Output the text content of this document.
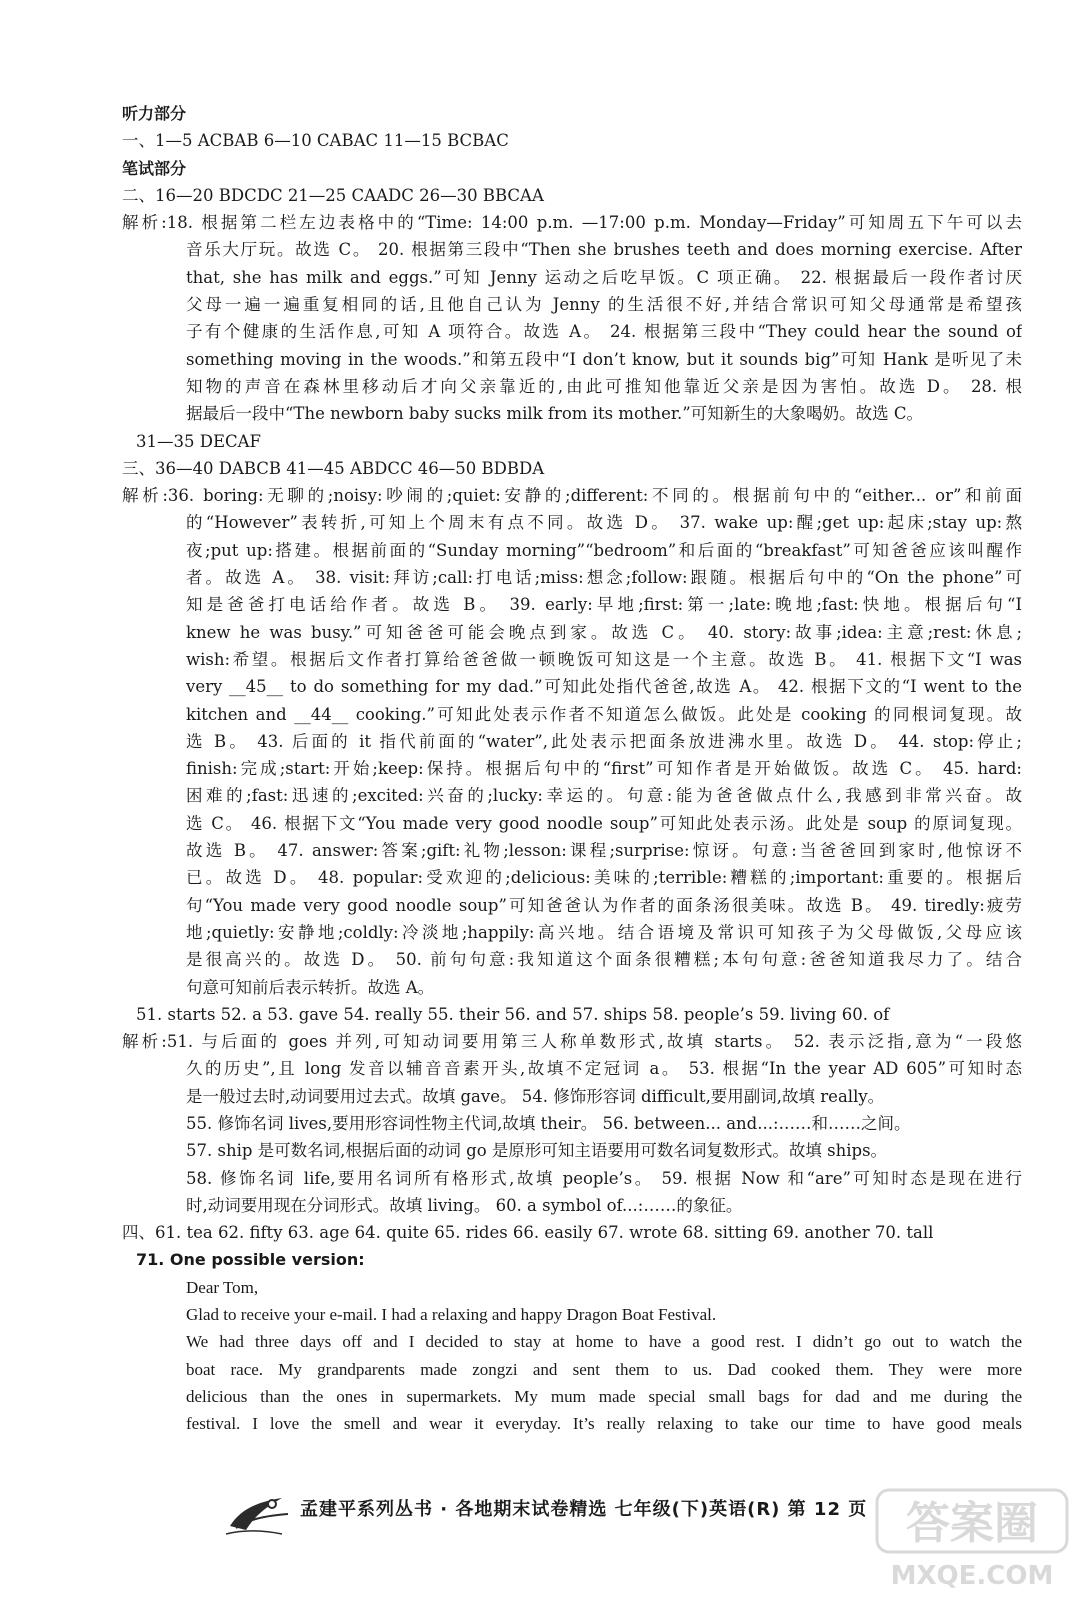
听力部分
一、1—5 ACBAB 6—10 CABAC 11—15 BCBAC
笔试部分
二、16—20 BDCDC 21—25 CAADC 26—30 BBCAA
解析:18. 根据第二栏左边表格中的“Time: 14:00 p.m. —17:00 p.m. Monday—Friday”可知周五下午可以去
音乐大厅玩。故选 C。 20. 根据第三段中“Then she brushes teeth and does morning exercise. After
that, she has milk and eggs.”可知 Jenny 运动之后吃早饭。C 项正确。 22. 根据最后一段作者讨厌
父母一遍一遍重复相同的话,且他自己认为 Jenny 的生活很不好,并结合常识可知父母通常是希望孩
子有个健康的生活作息,可知 A 项符合。故选 A。 24. 根据第三段中“They could hear the sound of
something moving in the woods.”和第五段中“I don’t know, but it sounds big”可知 Hank 是听见了未
知物的声音在森林里移动后才向父亲靠近的,由此可推知他靠近父亲是因为害怕。故选 D。 28. 根
据最后一段中“The newborn baby sucks milk from its mother.”可知新生的大象喝奶。故选 C。
31—35 DECAF
三、36—40 DABCB 41—45 ABDCC 46—50 BDBDA
解析:36. boring:无聊的;noisy:吵闹的;quiet:安静的;different:不同的。根据前句中的“either... or”和前面
的“However”表转折,可知上个周末有点不同。故选 D。 37. wake up:醒;get up:起床;stay up:熬
夜;put up:搭建。根据前面的“Sunday morning”“bedroom”和后面的“breakfast”可知爸爸应该叫醒作
者。故选 A。 38. visit:拜访;call:打电话;miss:想念;follow:跟随。根据后句中的“On the phone”可
知是爸爸打电话给作者。故选 B。 39. early:早地;first:第一;late:晚地;fast:快地。根据后句“I
knew he was busy.”可知爸爸可能会晚点到家。故选 C。 40. story:故事;idea:主意;rest:休息;
wish:希望。根据后文作者打算给爸爸做一顿晚饭可知这是一个主意。故选 B。 41. 根据下文“I was
very __45__ to do something for my dad.”可知此处指代爸爸,故选 A。 42. 根据下文的“I went to the
kitchen and __44__ cooking.”可知此处表示作者不知道怎么做饭。此处是 cooking 的同根词复现。故
选 B。 43. 后面的 it 指代前面的“water”,此处表示把面条放进沸水里。故选 D。 44. stop:停止;
finish:完成;start:开始;keep:保持。根据后句中的“first”可知作者是开始做饭。故选 C。 45. hard:
困难的;fast:迅速的;excited:兴奋的;lucky:幸运的。句意:能为爸爸做点什么,我感到非常兴奋。故
选 C。 46. 根据下文“You made very good noodle soup”可知此处表示汤。此处是 soup 的原词复现。
故选 B。 47. answer:答案;gift:礼物;lesson:课程;surprise:惊讶。句意:当爸爸回到家时,他惊讶不
已。故选 D。 48. popular:受欢迎的;delicious:美味的;terrible:糟糕的;important:重要的。根据后
句“You made very good noodle soup”可知爸爸认为作者的面条汤很美味。故选 B。 49. tiredly:疲劳
地;quietly:安静地;coldly:冷淡地;happily:高兴地。结合语境及常识可知孩子为父母做饭,父母应该
是很高兴的。故选 D。 50. 前句句意:我知道这个面条很糟糕;本句句意:爸爸知道我尽力了。结合
句意可知前后表示转折。故选 A。
51. starts 52. a 53. gave 54. really 55. their 56. and 57. ships 58. people’s 59. living 60. of
解析:51. 与后面的 goes 并列,可知动词要用第三人称单数形式,故填 starts。 52. 表示泛指,意为“一段悠
久的历史”,且 long 发音以辅音音素开头,故填不定冠词 a。 53. 根据“In the year AD 605”可知时态
是一般过去时,动词要用过去式。故填 gave。 54. 修饰形容词 difficult,要用副词,故填 really。
55. 修饰名词 lives,要用形容词性物主代词,故填 their。 56. between... and...:……和……之间。
57. ship 是可数名词,根据后面的动词 go 是原形可知主语要用可数名词复数形式。故填 ships。
58. 修饰名词 life,要用名词所有格形式,故填 people’s。 59. 根据 Now 和“are”可知时态是现在进行
时,动词要用现在分词形式。故填 living。 60. a symbol of...:……的象征。
四、61. tea 62. fifty 63. age 64. quite 65. rides 66. easily 67. wrote 68. sitting 69. another 70. tall
71. One possible version:
Dear Tom,
Glad to receive your e-mail. I had a relaxing and happy Dragon Boat Festival.
We had three days off and I decided to stay at home to have a good rest. I didn’t go out to watch the
boat race. My grandparents made zongzi and sent them to us. Dad cooked them. They were more
delicious than the ones in supermarkets. My mum made special small bags for dad and me during the
festival. I love the smell and wear it everyday. It’s really relaxing to take our time to have good meals
孟建平系列丛书 · 各地期末试卷精选 七年级(下)英语(R) 第 12 页 答案圈
MXQE.COM
